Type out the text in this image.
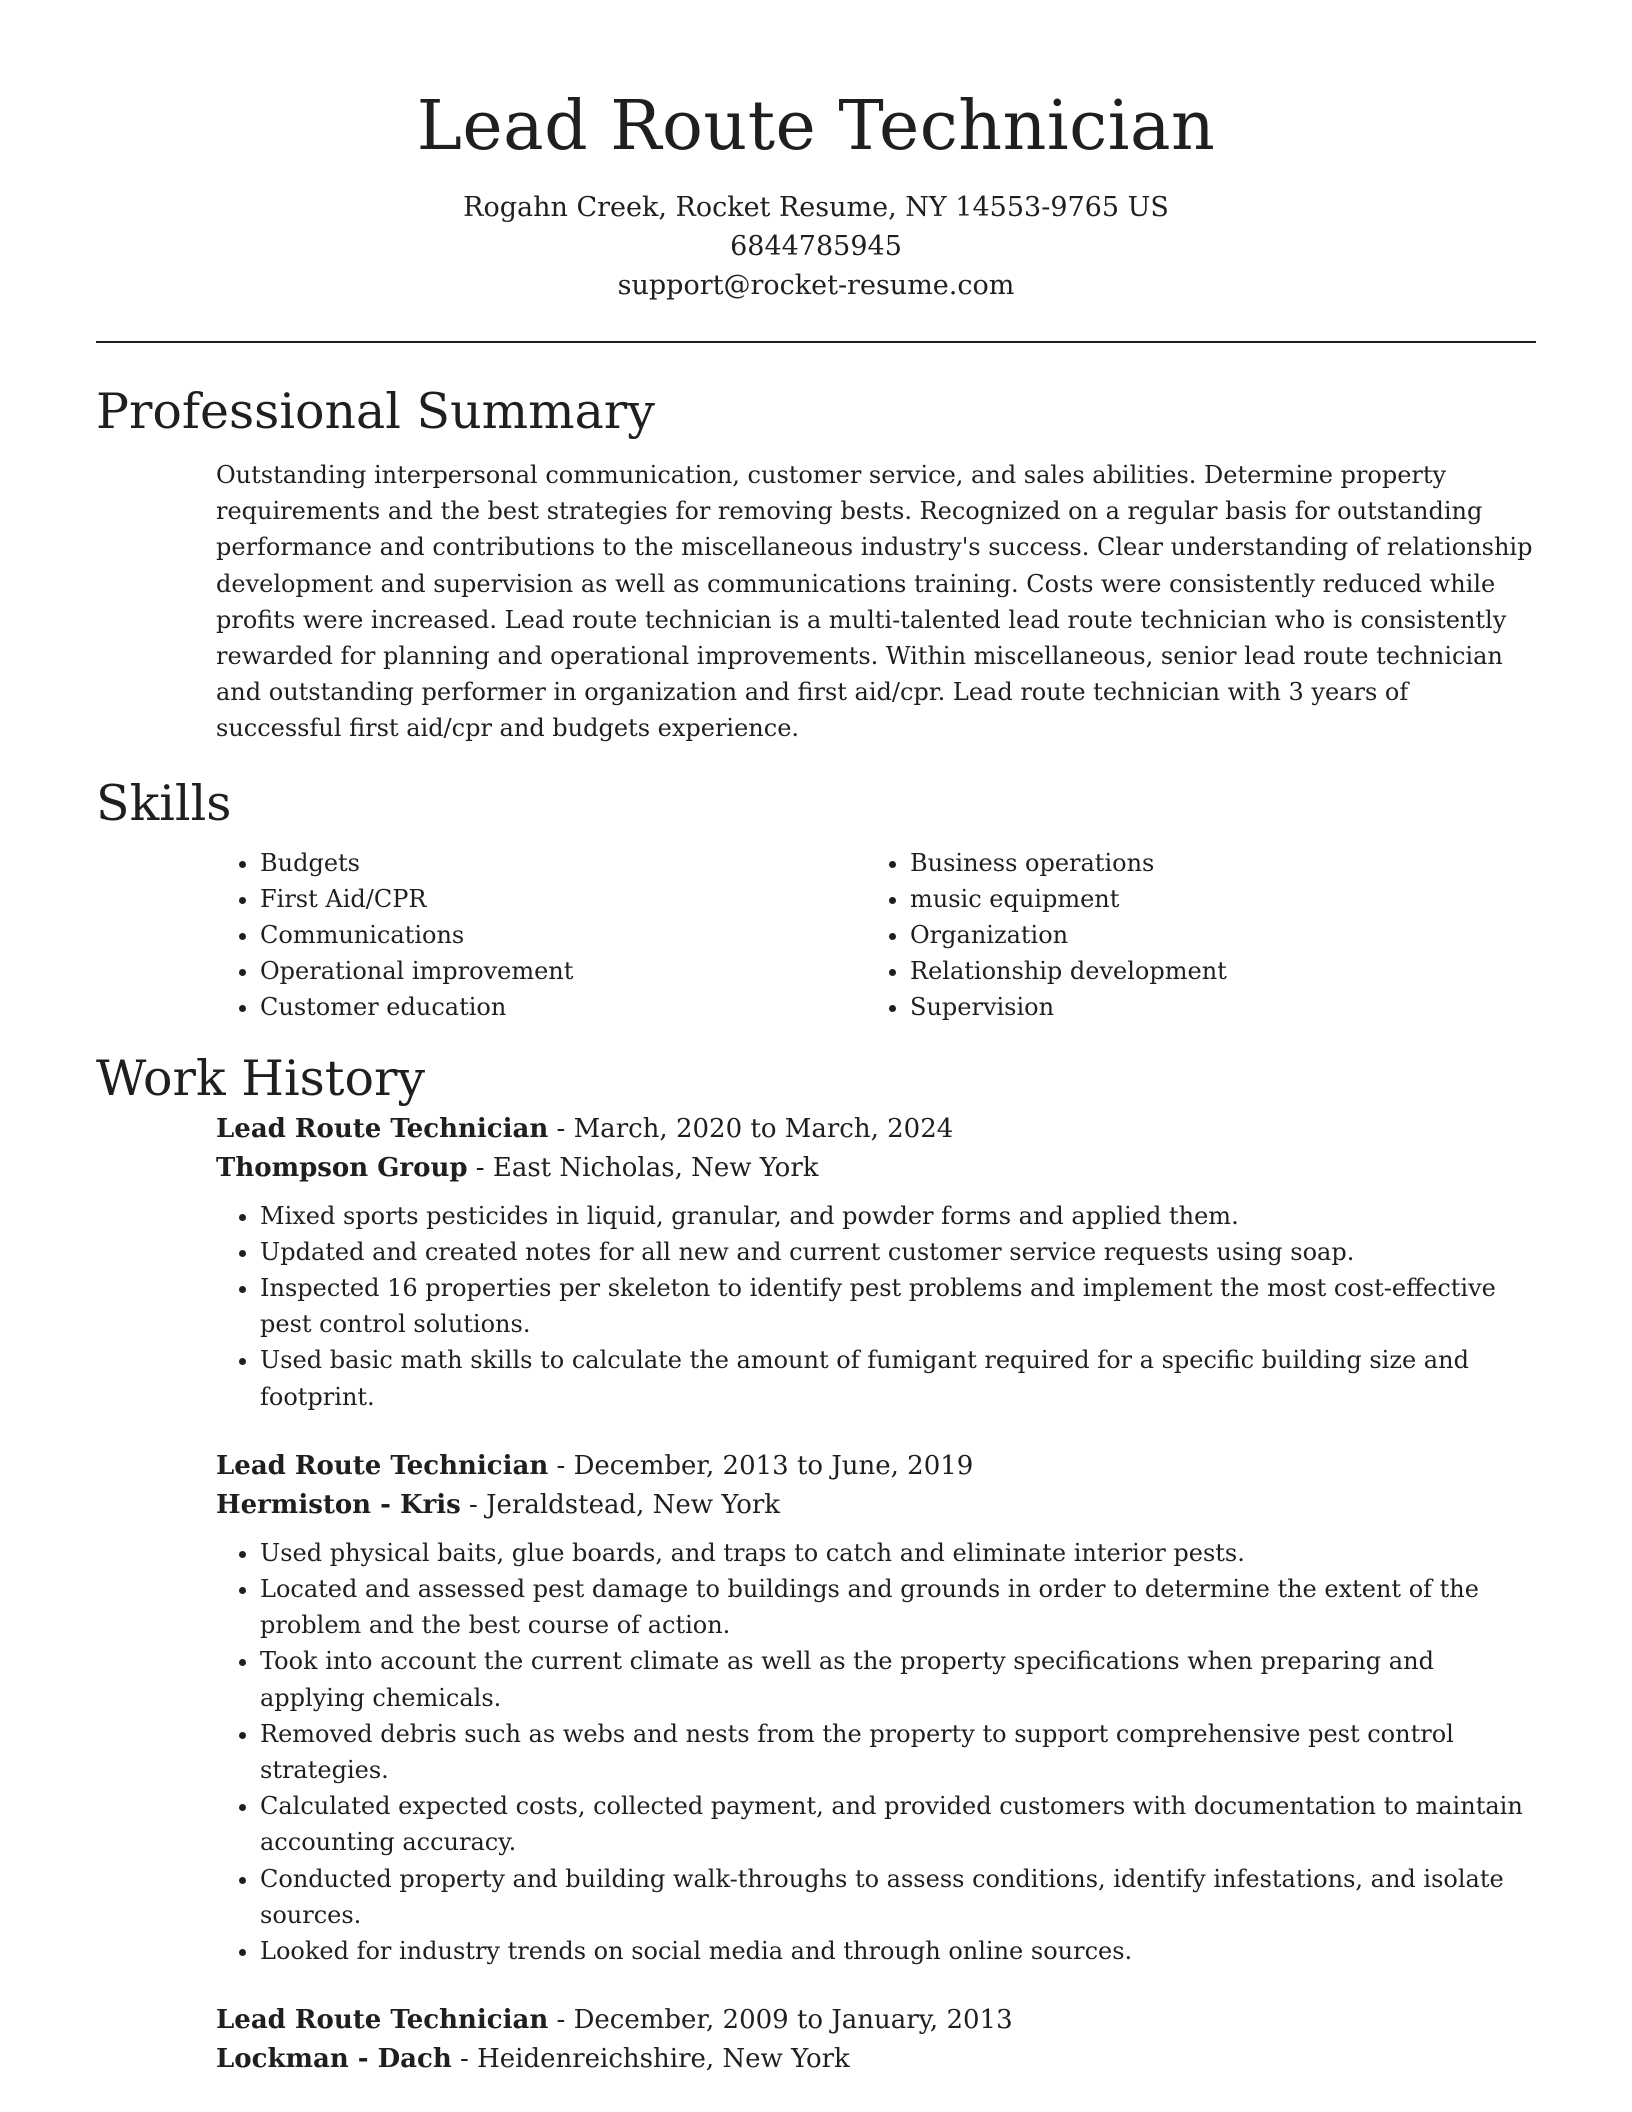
Lead Route Technician
Rogahn Creek, Rocket Resume, NY 14553-9765 US
6844785945
support@rocket-resume.com
Professional Summary
Outstanding interpersonal communication, customer service, and sales abilities. Determine property requirements and the best strategies for removing bests. Recognized on a regular basis for outstanding performance and contributions to the miscellaneous industry's success. Clear understanding of relationship development and supervision as well as communications training. Costs were consistently reduced while profits were increased. Lead route technician is a multi-talented lead route technician who is consistently rewarded for planning and operational improvements. Within miscellaneous, senior lead route technician and outstanding performer in organization and first aid/cpr. Lead route technician with 3 years of successful first aid/cpr and budgets experience.
Skills
• Budgets
• First Aid/CPR
• Communications
• Operational improvement
• Customer education
• Business operations
• music equipment
• Organization
• Relationship development
• Supervision
Work History
Lead Route Technician - March, 2020 to March, 2024
Thompson Group - East Nicholas, New York
• Mixed sports pesticides in liquid, granular, and powder forms and applied them.
• Updated and created notes for all new and current customer service requests using soap.
• Inspected 16 properties per skeleton to identify pest problems and implement the most cost-effective pest control solutions.
• Used basic math skills to calculate the amount of fumigant required for a specific building size and footprint.
Lead Route Technician - December, 2013 to June, 2019
Hermiston - Kris - Jeraldstead, New York
• Used physical baits, glue boards, and traps to catch and eliminate interior pests.
• Located and assessed pest damage to buildings and grounds in order to determine the extent of the problem and the best course of action.
• Took into account the current climate as well as the property specifications when preparing and applying chemicals.
• Removed debris such as webs and nests from the property to support comprehensive pest control strategies.
• Calculated expected costs, collected payment, and provided customers with documentation to maintain accounting accuracy.
• Conducted property and building walk-throughs to assess conditions, identify infestations, and isolate sources.
• Looked for industry trends on social media and through online sources.
Lead Route Technician - December, 2009 to January, 2013
Lockman - Dach - Heidenreichshire, New York
